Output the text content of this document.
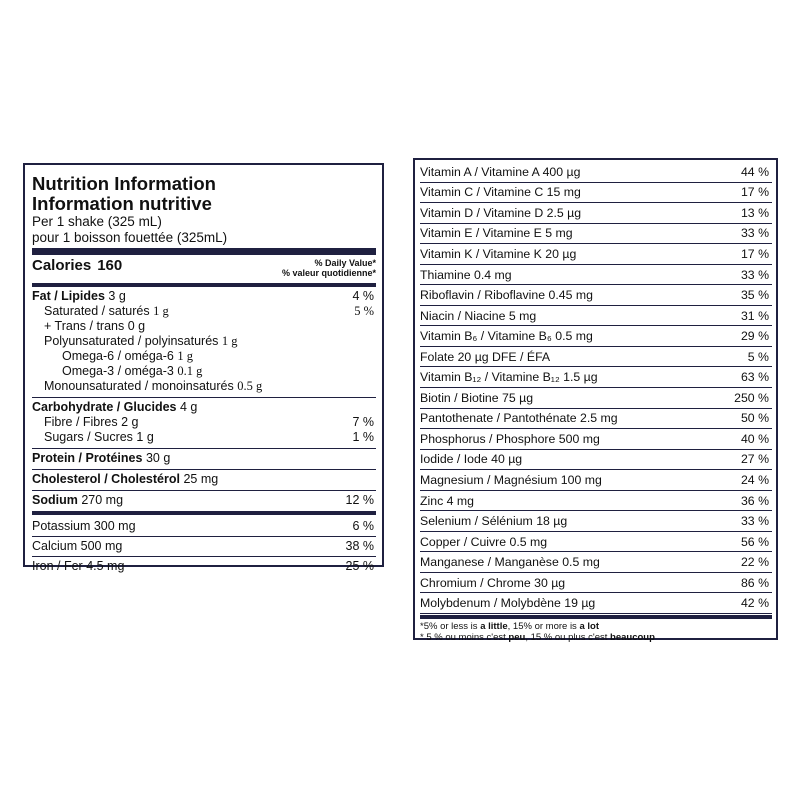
Nutrition Information
Information nutritive
Per 1 shake (325 mL)
pour 1 boisson fouettée (325mL)
Calories 160	% Daily Value*
% valeur quotidienne*
Fat / Lipides 3 g	4 %
Saturated / saturés 1 g	5 %
+ Trans / trans 0 g
Polyunsaturated / polyinsaturés 1 g
Omega-6 / oméga-6 1 g
Omega-3 / oméga-3 0.1 g
Monounsaturated / monoinsaturés 0.5 g
Carbohydrate / Glucides 4 g
Fibre / Fibres 2 g	7 %
Sugars / Sucres 1 g	1 %
Protein / Protéines 30 g
Cholesterol / Cholestérol 25 mg
Sodium 270 mg	12 %
Potassium 300 mg	6 %
Calcium 500 mg	38 %
Iron / Fer 4.5 mg	25 %
Vitamin A / Vitamine A 400 µg	44 %
Vitamin C / Vitamine C 15 mg	17 %
Vitamin D / Vitamine D 2.5 µg	13 %
Vitamin E / Vitamine E 5 mg	33 %
Vitamin K / Vitamine K 20 µg	17 %
Thiamine 0.4 mg	33 %
Riboflavin / Riboflavine 0.45 mg	35 %
Niacin / Niacine 5 mg	31 %
Vitamin B₆ / Vitamine B₆ 0.5 mg	29 %
Folate 20 µg DFE / ÉFA	5 %
Vitamin B₁₂ / Vitamine B₁₂ 1.5 µg	63 %
Biotin / Biotine 75 µg	250 %
Pantothenate / Pantothénate 2.5 mg	50 %
Phosphorus / Phosphore 500 mg	40 %
Iodide / Iode 40 µg	27 %
Magnesium / Magnésium 100 mg	24 %
Zinc 4 mg	36 %
Selenium / Sélénium 18 µg	33 %
Copper / Cuivre 0.5 mg	56 %
Manganese / Manganèse 0.5 mg	22 %
Chromium / Chrome 30 µg	86 %
Molybdenum / Molybdène 19 µg	42 %
*5% or less is a little, 15% or more is a lot
* 5 % ou moins c'est peu, 15 % ou plus c'est beaucoup
